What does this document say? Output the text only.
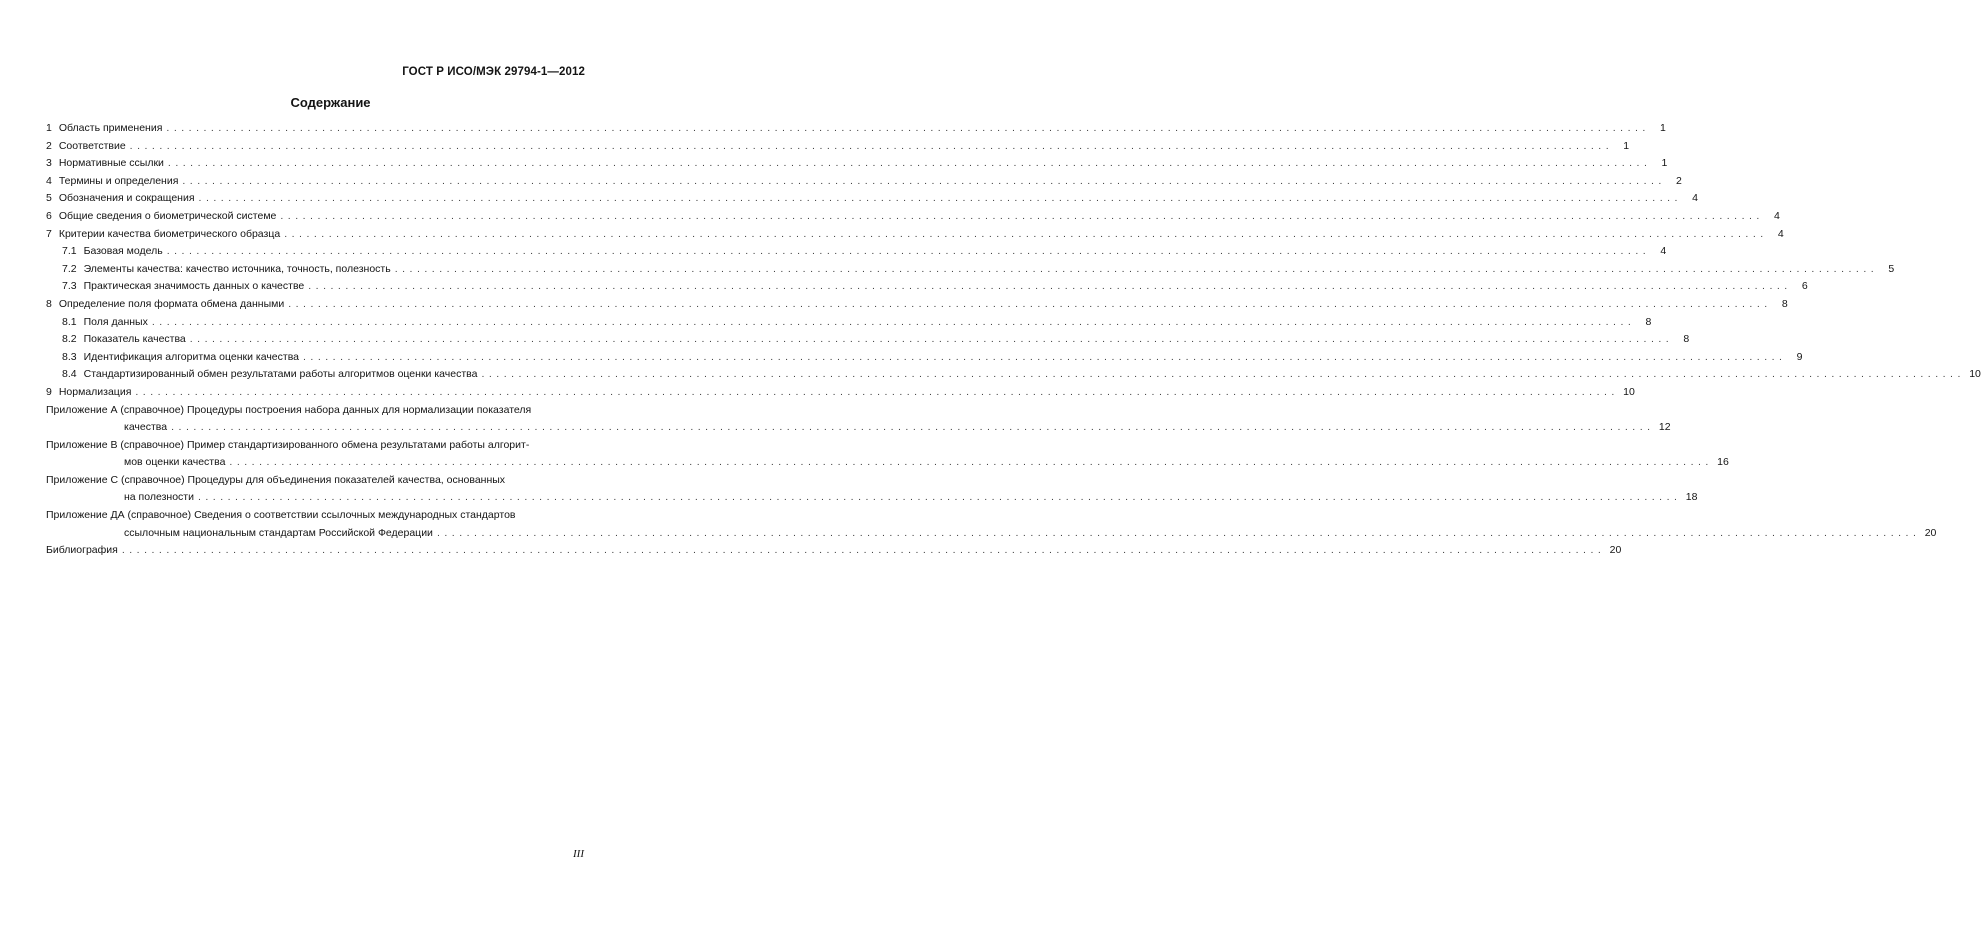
ГОСТ Р ИСО/МЭК 29794-1—2012
Содержание
1 Область применения ........................................................................................................................................................................................................ 1
2 Соответствие ........................................................................................................................................................................................................ 1
3 Нормативные ссылки ........................................................................................................................................................................................................ 1
4 Термины и определения ........................................................................................................................................................................................................ 2
5 Обозначения и сокращения ........................................................................................................................................................................................................ 4
6 Общие сведения о биометрической системе ........................................................................................................................................................................................................ 4
7 Критерии качества биометрического образца ........................................................................................................................................................................................................ 4
7.1 Базовая модель ........................................................................................................................................................................................................ 4
7.2 Элементы качества: качество источника, точность, полезность ........................................................................................................................................................................................................ 5
7.3 Практическая значимость данных о качестве ........................................................................................................................................................................................................ 6
8 Определение поля формата обмена данными ........................................................................................................................................................................................................ 8
8.1 Поля данных ........................................................................................................................................................................................................ 8
8.2 Показатель качества ........................................................................................................................................................................................................ 8
8.3 Идентификация алгоритма оценки качества ........................................................................................................................................................................................................ 9
8.4 Стандартизированный обмен результатами работы алгоритмов оценки качества ........................................................................................................................................................................................................ 10
9 Нормализация ........................................................................................................................................................................................................ 10
Приложение А (справочное) Процедуры построения набора данных для нормализации показателя
качества ........................................................................................................................................................................................................ 12
Приложение В (справочное) Пример стандартизированного обмена результатами работы алгорит-
мов оценки качества ........................................................................................................................................................................................................ 16
Приложение С (справочное) Процедуры для объединения показателей качества, основанных
на полезности ........................................................................................................................................................................................................ 18
Приложение ДА (справочное) Сведения о соответствии ссылочных международных стандартов
ссылочным национальным стандартам Российской Федерации ........................................................................................................................................................................................................ 20
Библиография ........................................................................................................................................................................................................ 20
III
